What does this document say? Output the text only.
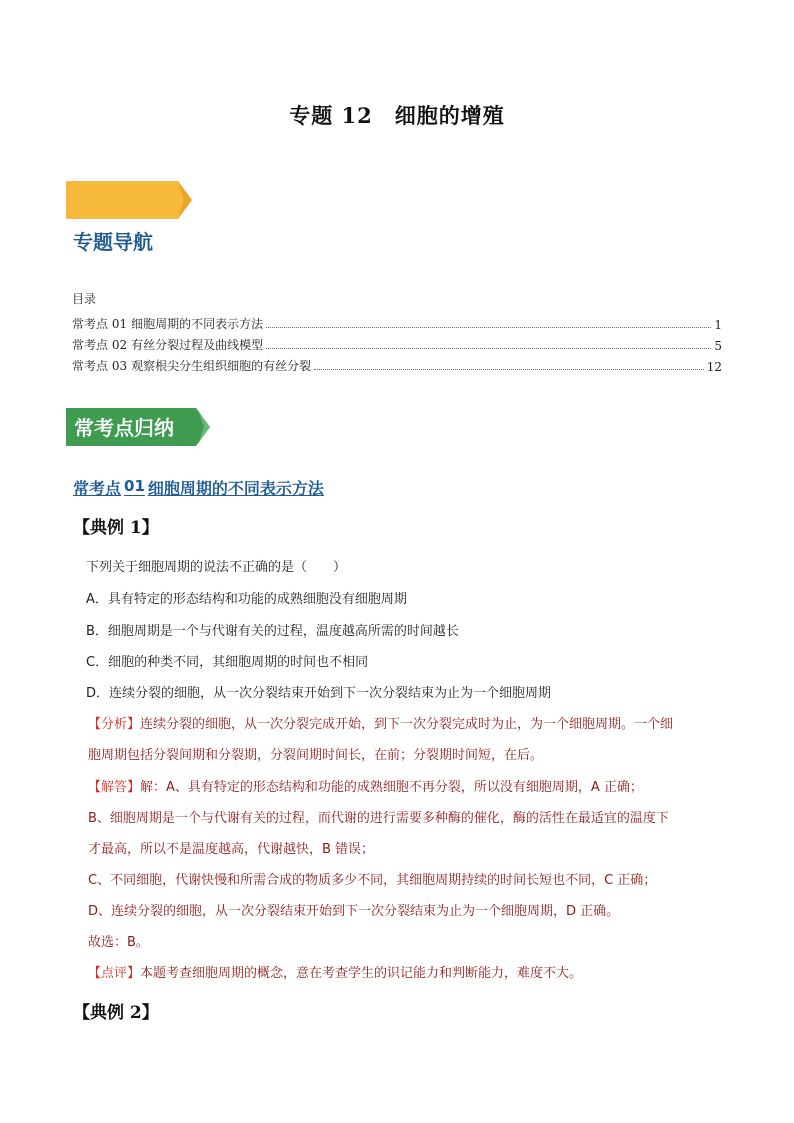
专题 12 细胞的增殖
专题导航
目录
常考点 01 细胞周期的不同表示方法	1
常考点 02 有丝分裂过程及曲线模型	5
常考点 03 观察根尖分生组织细胞的有丝分裂	12
常考点归纳
常考点 01 细胞周期的不同表示方法
【典例 1】
下列关于细胞周期的说法不正确的是（　　）
A．具有特定的形态结构和功能的成熟细胞没有细胞周期
B．细胞周期是一个与代谢有关的过程，温度越高所需的时间越长
C．细胞的种类不同，其细胞周期的时间也不相同
D．连续分裂的细胞，从一次分裂结束开始到下一次分裂结束为止为一个细胞周期
【分析】连续分裂的细胞，从一次分裂完成开始，到下一次分裂完成时为止，为一个细胞周期。一个细
胞周期包括分裂间期和分裂期，分裂间期时间长，在前；分裂期时间短，在后。
【解答】解：A、具有特定的形态结构和功能的成熟细胞不再分裂，所以没有细胞周期，A 正确；
B、细胞周期是一个与代谢有关的过程，而代谢的进行需要多种酶的催化，酶的活性在最适宜的温度下
才最高，所以不是温度越高，代谢越快，B 错误；
C、不同细胞，代谢快慢和所需合成的物质多少不同，其细胞周期持续的时间长短也不同，C 正确；
D、连续分裂的细胞，从一次分裂结束开始到下一次分裂结束为止为一个细胞周期，D 正确。
故选：B。
【点评】本题考查细胞周期的概念，意在考查学生的识记能力和判断能力，难度不大。
【典例 2】
